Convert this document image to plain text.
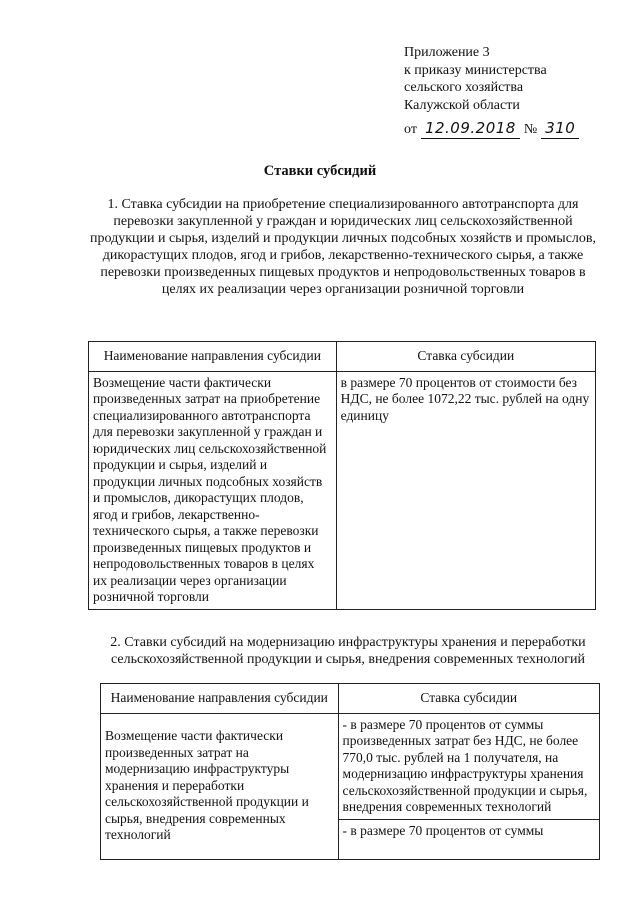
Приложение 3
к приказу министерства
сельского хозяйства
Калужской области
от 12.09.2018 № 310
Ставки субсидий
1. Ставка субсидии на приобретение специализированного автотранспорта для перевозки закупленной у граждан и юридических лиц сельскохозяйственной продукции и сырья, изделий и продукции личных подсобных хозяйств и промыслов, дикорастущих плодов, ягод и грибов, лекарственно-технического сырья, а также перевозки произведенных пищевых продуктов и непродовольственных товаров в целях их реализации через организации розничной торговли
Наименование направления субсидии	Ставка субсидии
Возмещение части фактически произведенных затрат на приобретение специализированного автотранспорта для перевозки закупленной у граждан и юридических лиц сельскохозяйственной продукции и сырья, изделий и продукции личных подсобных хозяйств и промыслов, дикорастущих плодов, ягод и грибов, лекарственно-технического сырья, а также перевозки произведенных пищевых продуктов и непродовольственных товаров в целях их реализации через организации розничной торговли	в размере 70 процентов от стоимости без НДС, не более 1072,22 тыс. рублей на одну единицу
2. Ставки субсидий на модернизацию инфраструктуры хранения и переработки сельскохозяйственной продукции и сырья, внедрения современных технологий
Наименование направления субсидии	Ставка субсидии
Возмещение части фактически произведенных затрат на модернизацию инфраструктуры хранения и переработки сельскохозяйственной продукции и сырья, внедрения современных технологий	- в размере 70 процентов от суммы произведенных затрат без НДС, не более 770,0 тыс. рублей на 1 получателя, на модернизацию инфраструктуры хранения сельскохозяйственной продукции и сырья, внедрения современных технологий

	- в размере 70 процентов от суммы
